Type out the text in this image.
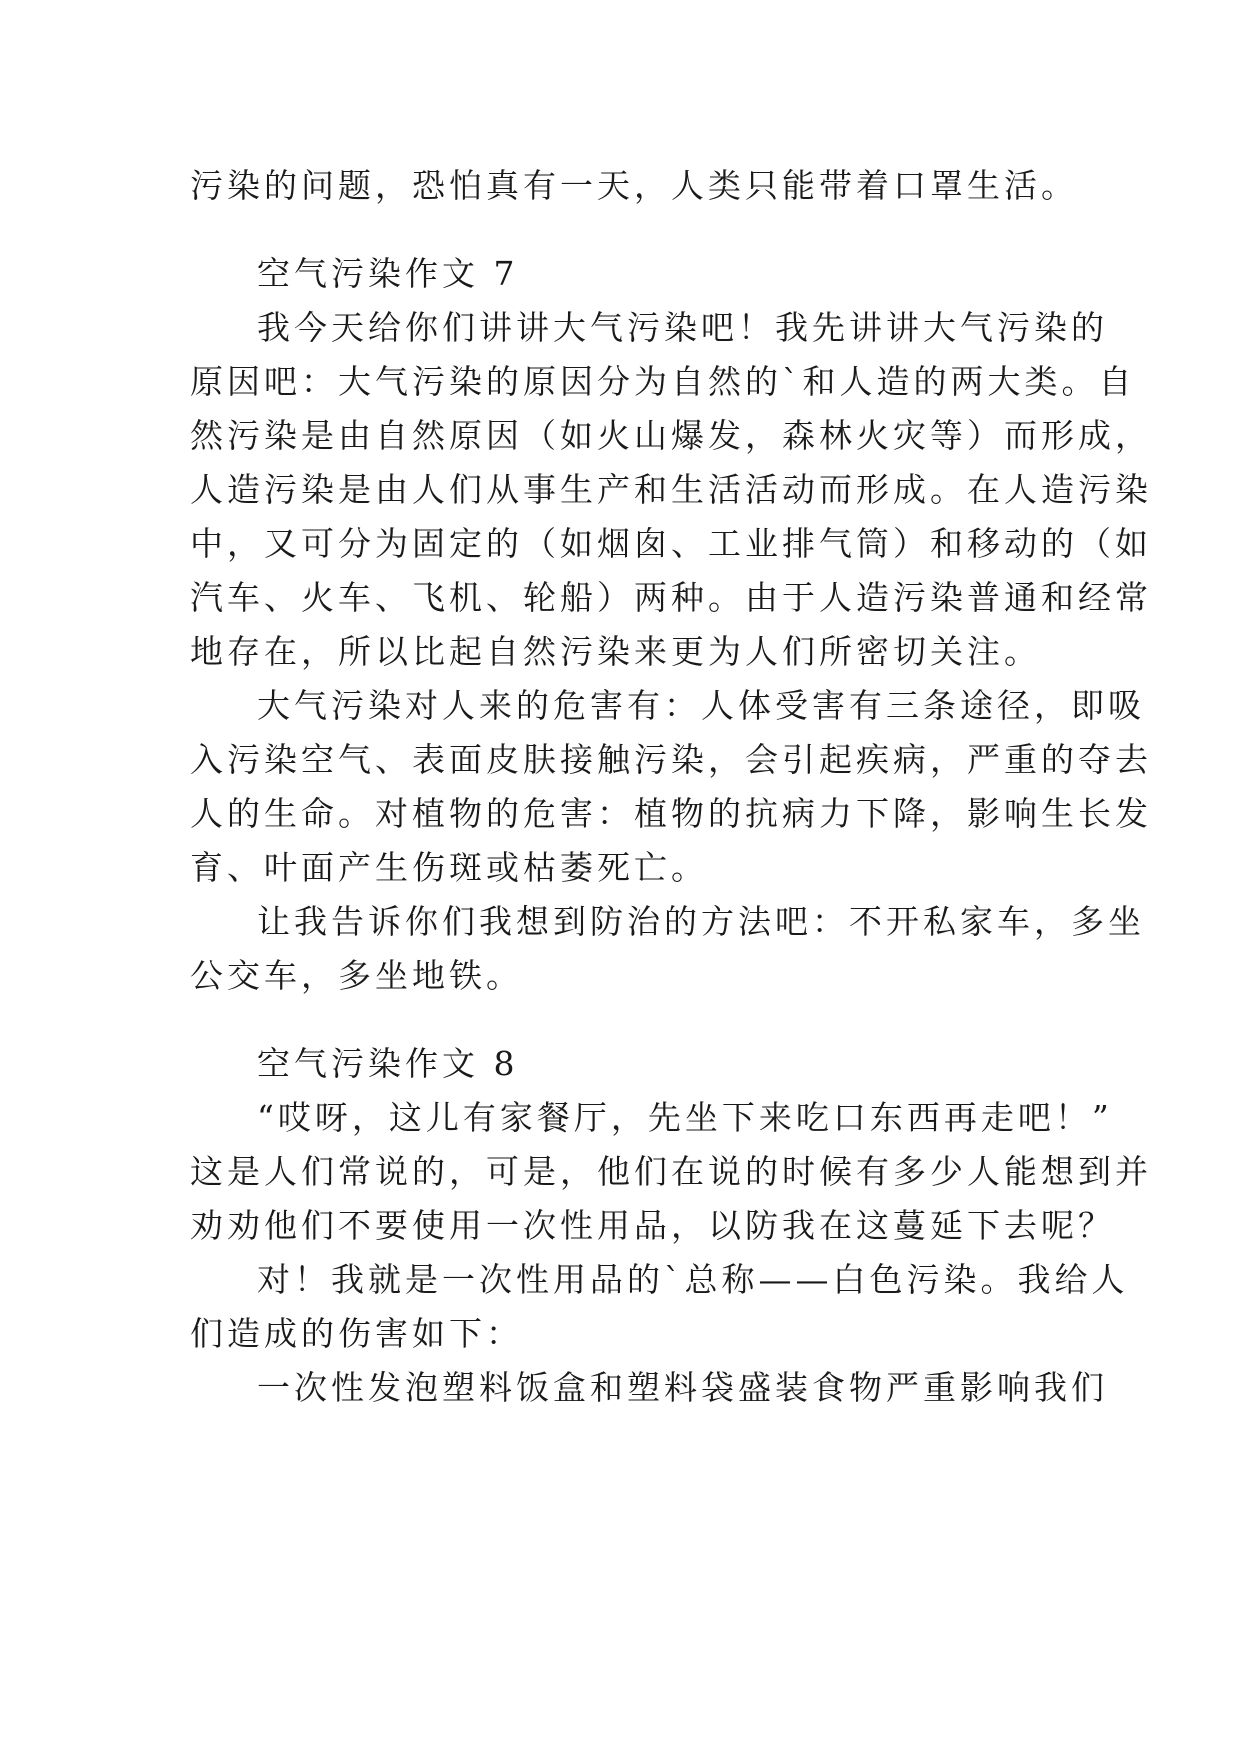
污染的问题，恐怕真有一天，人类只能带着口罩生活。
空气污染作文 7
我今天给你们讲讲大气污染吧！我先讲讲大气污染的
原因吧：大气污染的原因分为自然的`和人造的两大类。自
然污染是由自然原因（如火山爆发，森林火灾等）而形成，
人造污染是由人们从事生产和生活活动而形成。在人造污染
中，又可分为固定的（如烟囱、工业排气筒）和移动的（如
汽车、火车、飞机、轮船）两种。由于人造污染普通和经常
地存在，所以比起自然污染来更为人们所密切关注。
大气污染对人来的危害有：人体受害有三条途径，即吸
入污染空气、表面皮肤接触污染，会引起疾病，严重的夺去
人的生命。对植物的危害：植物的抗病力下降，影响生长发
育、叶面产生伤斑或枯萎死亡。
让我告诉你们我想到防治的方法吧：不开私家车，多坐
公交车，多坐地铁。
空气污染作文 8
“哎呀，这儿有家餐厅，先坐下来吃口东西再走吧！”
这是人们常说的，可是，他们在说的时候有多少人能想到并
劝劝他们不要使用一次性用品，以防我在这蔓延下去呢？
对！我就是一次性用品的`总称——白色污染。我给人
们造成的伤害如下：
一次性发泡塑料饭盒和塑料袋盛装食物严重影响我们
